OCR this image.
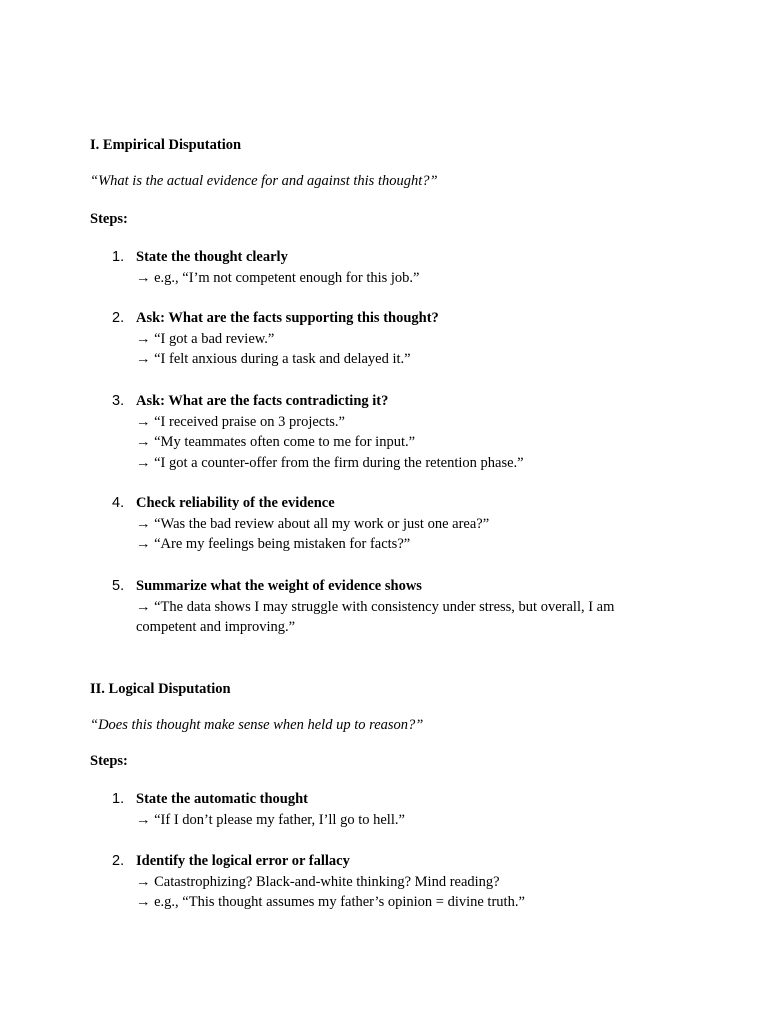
I. Empirical Disputation
“What is the actual evidence for and against this thought?”
Steps:
1. State the thought clearly
→ e.g., “I’m not competent enough for this job.”
2. Ask: What are the facts supporting this thought?
→ “I got a bad review.”
→ “I felt anxious during a task and delayed it.”
3. Ask: What are the facts contradicting it?
→ “I received praise on 3 projects.”
→ “My teammates often come to me for input.”
→ “I got a counter-offer from the firm during the retention phase.”
4. Check reliability of the evidence
→ “Was the bad review about all my work or just one area?”
→ “Are my feelings being mistaken for facts?”
5. Summarize what the weight of evidence shows
→ “The data shows I may struggle with consistency under stress, but overall, I am competent and improving.”
II. Logical Disputation
“Does this thought make sense when held up to reason?”
Steps:
1. State the automatic thought
→ “If I don’t please my father, I’ll go to hell.”
2. Identify the logical error or fallacy
→ Catastrophizing? Black-and-white thinking? Mind reading?
→ e.g., “This thought assumes my father’s opinion = divine truth.”
